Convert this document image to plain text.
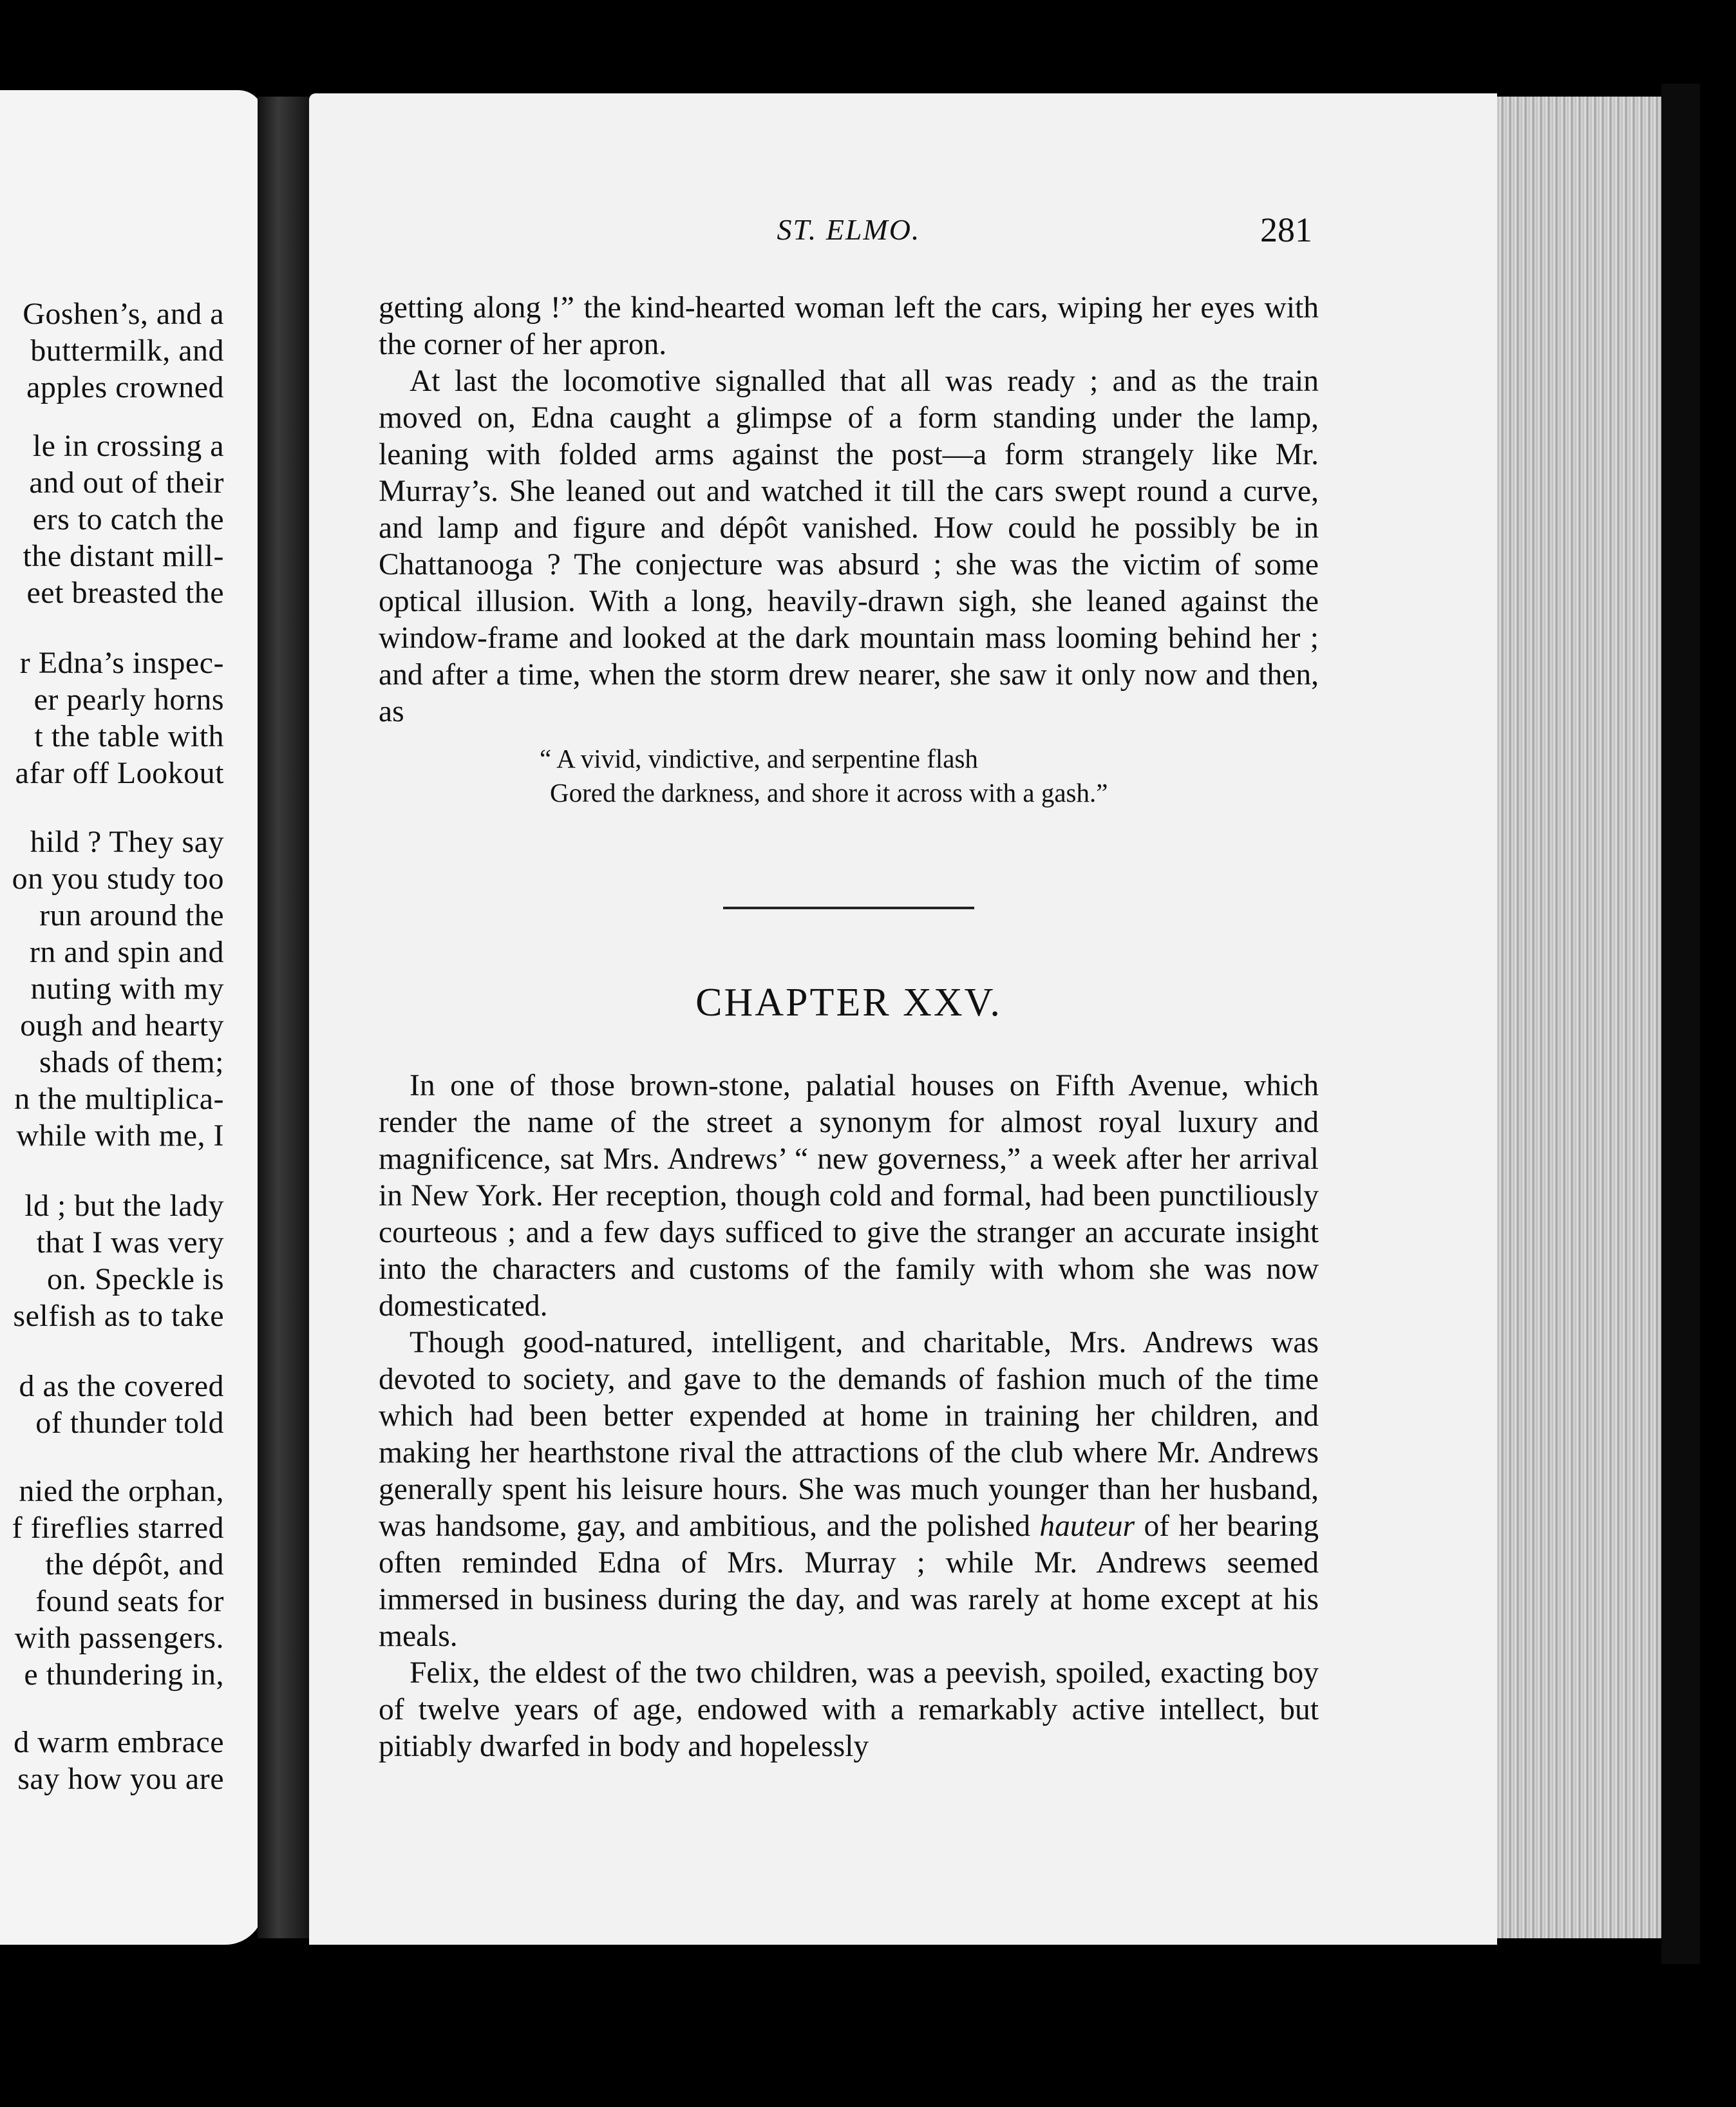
Goshen’s, and a
buttermilk, and
apples crowned
le in crossing a
and out of their
ers to catch the
the distant mill-
eet breasted the
r Edna’s inspec-
er pearly horns
t the table with
afar off Lookout
hild ? They say
on you study too
run around the
rn and spin and
nuting with my
ough and hearty
shads of them;
n the multiplica-
while with me, I
ld ; but the lady
that I was very
on. Speckle is
selfish as to take
d as the covered
of thunder told
nied the orphan,
f fireflies starred
the dépôt, and
found seats for
with passengers.
e thundering in,
d warm embrace
say how you are
ST. ELMO.	281

getting along !” the kind-hearted woman left the cars, wiping her eyes with the corner of her apron.

At last the locomotive signalled that all was ready ; and as the train moved on, Edna caught a glimpse of a form standing under the lamp, leaning with folded arms against the post—a form strangely like Mr. Murray’s. She leaned out and watched it till the cars swept round a curve, and lamp and figure and dépôt vanished. How could he possibly be in Chattanooga ? The conjecture was absurd ; she was the victim of some optical illusion. With a long, heavily-drawn sigh, she leaned against the window-frame and looked at the dark mountain mass looming behind her ; and after a time, when the storm drew nearer, she saw it only now and then, as

“ A vivid, vindictive, and serpentine flash
Gored the darkness, and shore it across with a gash.”
CHAPTER XXV.

In one of those brown-stone, palatial houses on Fifth Avenue, which render the name of the street a synonym for almost royal luxury and magnificence, sat Mrs. Andrews’ “ new governess,” a week after her arrival in New York. Her reception, though cold and formal, had been punctiliously courteous ; and a few days sufficed to give the stranger an accurate insight into the characters and customs of the family with whom she was now domesticated.

Though good-natured, intelligent, and charitable, Mrs. Andrews was devoted to society, and gave to the demands of fashion much of the time which had been better expended at home in training her children, and making her hearthstone rival the attractions of the club where Mr. Andrews generally spent his leisure hours. She was much younger than her husband, was handsome, gay, and ambitious, and the polished hauteur of her bearing often reminded Edna of Mrs. Murray ; while Mr. Andrews seemed immersed in business during the day, and was rarely at home except at his meals.

Felix, the eldest of the two children, was a peevish, spoiled, exacting boy of twelve years of age, endowed with a remarkably active intellect, but pitiably dwarfed in body and hopelessly
